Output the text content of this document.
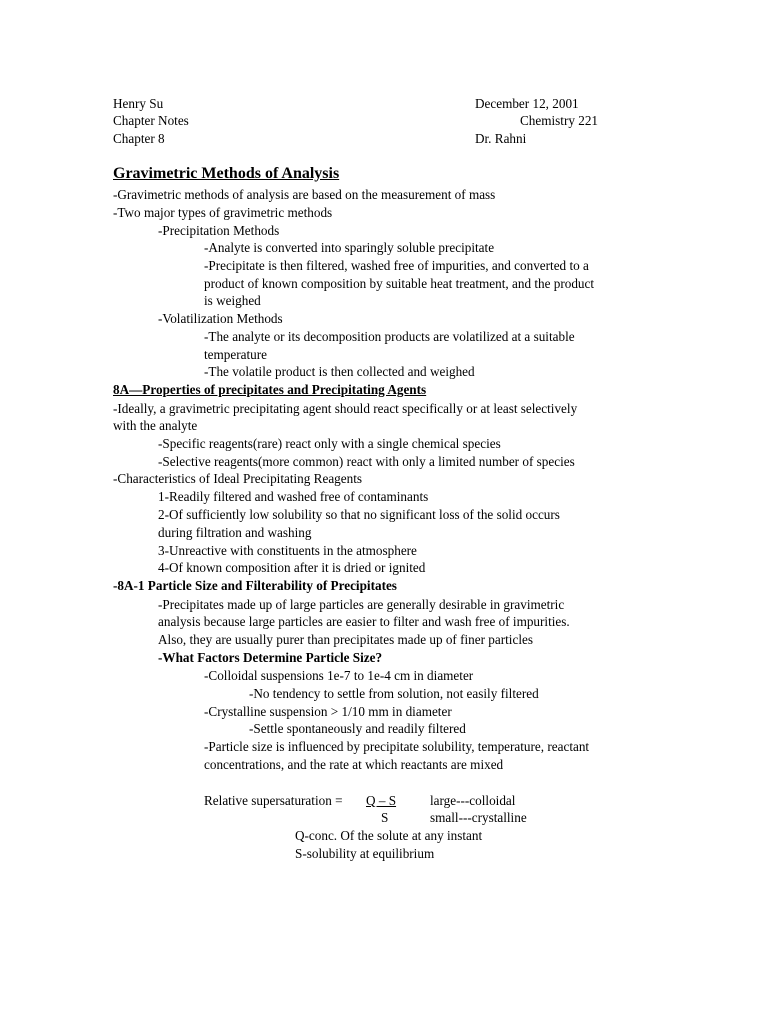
Henry Su	December 12, 2001
Chapter Notes	Chemistry 221
Chapter 8	Dr. Rahni
Gravimetric Methods of Analysis
-Gravimetric methods of analysis are based on the measurement of mass
-Two major types of gravimetric methods
-Precipitation Methods
-Analyte is converted into sparingly soluble precipitate
-Precipitate is then filtered, washed free of impurities, and converted to a
product of known composition by suitable heat treatment, and the product
is weighed
-Volatilization Methods
-The analyte or its decomposition products are volatilized at a suitable
temperature
-The volatile product is then collected and weighed
8A—Properties of precipitates and Precipitating Agents
-Ideally, a gravimetric precipitating agent should react specifically or at least selectively
with the analyte
-Specific reagents(rare) react only with a single chemical species
-Selective reagents(more common) react with only a limited number of species
-Characteristics of Ideal Precipitating Reagents
1-Readily filtered and washed free of contaminants
2-Of sufficiently low solubility so that no significant loss of the solid occurs
during filtration and washing
3-Unreactive with constituents in the atmosphere
4-Of known composition after it is dried or ignited
-8A-1 Particle Size and Filterability of Precipitates
-Precipitates made up of large particles are generally desirable in gravimetric
analysis because large particles are easier to filter and wash free of impurities.
Also, they are usually purer than precipitates made up of finer particles
-What Factors Determine Particle Size?
-Colloidal suspensions 1e-7 to 1e-4 cm in diameter
-No tendency to settle from solution, not easily filtered
-Crystalline suspension > 1/10 mm in diameter
-Settle spontaneously and readily filtered
-Particle size is influenced by precipitate solubility, temperature, reactant
concentrations, and the rate at which reactants are mixed
Relative supersaturation = Q – S	large---colloidal
S	small---crystalline
Q-conc. Of the solute at any instant
S-solubility at equilibrium
